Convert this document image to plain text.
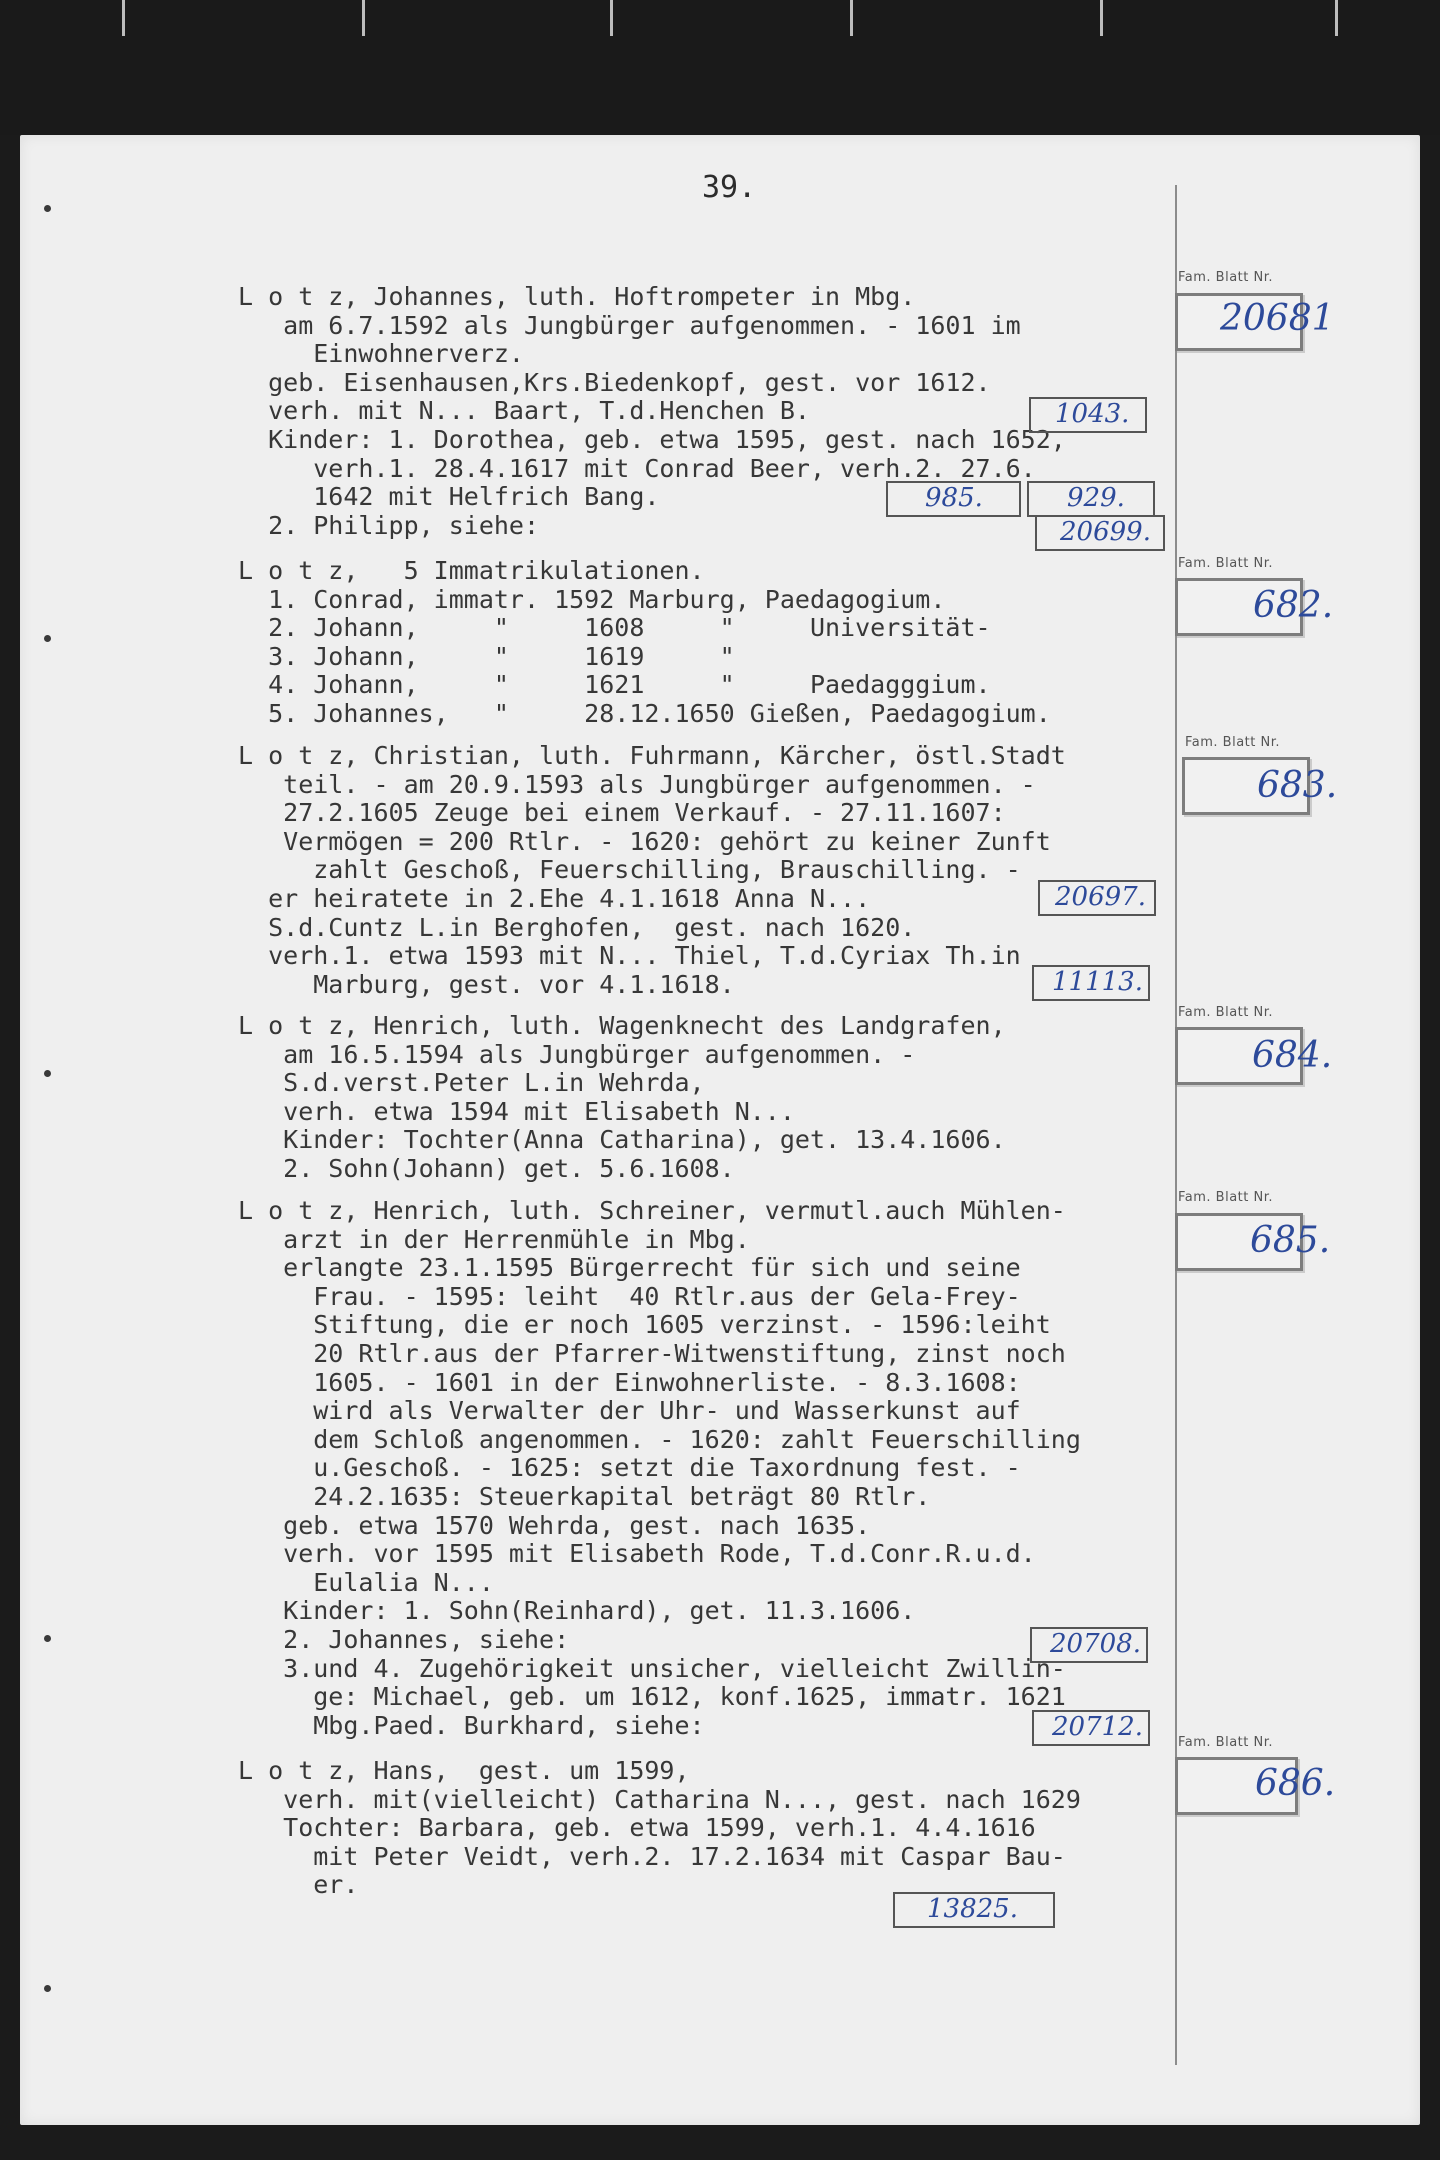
39.
L o t z, Johannes, luth. Hoftrompeter in Mbg.
am 6.7.1592 als Jungbürger aufgenommen. - 1601 im
Einwohnerverz.
geb. Eisenhausen,Krs.Biedenkopf, gest. vor 1612.
verh. mit N... Baart, T.d.Henchen B.
Kinder: 1. Dorothea, geb. etwa 1595, gest. nach 1652,
verh.1. 28.4.1617 mit Conrad Beer, verh.2. 27.6.
1642 mit Helfrich Bang.
2. Philipp, siehe:
L o t z,   5 Immatrikulationen.
1. Conrad, immatr. 1592 Marburg, Paedagogium.
2. Johann,     "     1608     "     Universität-
3. Johann,     "     1619     "
4. Johann,     "     1621     "     Paedagggium.
5. Johannes,   "     28.12.1650 Gießen, Paedagogium.
L o t z, Christian, luth. Fuhrmann, Kärcher, östl.Stadt
teil. - am 20.9.1593 als Jungbürger aufgenommen. -
27.2.1605 Zeuge bei einem Verkauf. - 27.11.1607:
Vermögen = 200 Rtlr. - 1620: gehört zu keiner Zunft
zahlt Geschoß, Feuerschilling, Brauschilling. -
er heiratete in 2.Ehe 4.1.1618 Anna N...
S.d.Cuntz L.in Berghofen,  gest. nach 1620.
verh.1. etwa 1593 mit N... Thiel, T.d.Cyriax Th.in
Marburg, gest. vor 4.1.1618.
L o t z, Henrich, luth. Wagenknecht des Landgrafen,
am 16.5.1594 als Jungbürger aufgenommen. -
S.d.verst.Peter L.in Wehrda,
verh. etwa 1594 mit Elisabeth N...
Kinder: Tochter(Anna Catharina), get. 13.4.1606.
2. Sohn(Johann) get. 5.6.1608.
L o t z, Henrich, luth. Schreiner, vermutl.auch Mühlen-
arzt in der Herrenmühle in Mbg.
erlangte 23.1.1595 Bürgerrecht für sich und seine
Frau. - 1595: leiht  40 Rtlr.aus der Gela-Frey-
Stiftung, die er noch 1605 verzinst. - 1596:leiht
20 Rtlr.aus der Pfarrer-Witwenstiftung, zinst noch
1605. - 1601 in der Einwohnerliste. - 8.3.1608:
wird als Verwalter der Uhr- und Wasserkunst auf
dem Schloß angenommen. - 1620: zahlt Feuerschilling
u.Geschoß. - 1625: setzt die Taxordnung fest. -
24.2.1635: Steuerkapital beträgt 80 Rtlr.
geb. etwa 1570 Wehrda, gest. nach 1635.
verh. vor 1595 mit Elisabeth Rode, T.d.Conr.R.u.d.
Eulalia N...
Kinder: 1. Sohn(Reinhard), get. 11.3.1606.
2. Johannes, siehe:
3.und 4. Zugehörigkeit unsicher, vielleicht Zwillin-
ge: Michael, geb. um 1612, konf.1625, immatr. 1621
Mbg.Paed. Burkhard, siehe:
L o t z, Hans,  gest. um 1599,
verh. mit(vielleicht) Catharina N..., gest. nach 1629
Tochter: Barbara, geb. etwa 1599, verh.1. 4.4.1616
mit Peter Veidt, verh.2. 17.2.1634 mit Caspar Bau-
er.
Fam. Blatt Nr.
20681
Fam. Blatt Nr.
682.
Fam. Blatt Nr.
683.
Fam. Blatt Nr.
684.
Fam. Blatt Nr.
685.
Fam. Blatt Nr.
686.
1043.
985.	929.
20699.
20697.
11113.
20708.
20712.
13825.
